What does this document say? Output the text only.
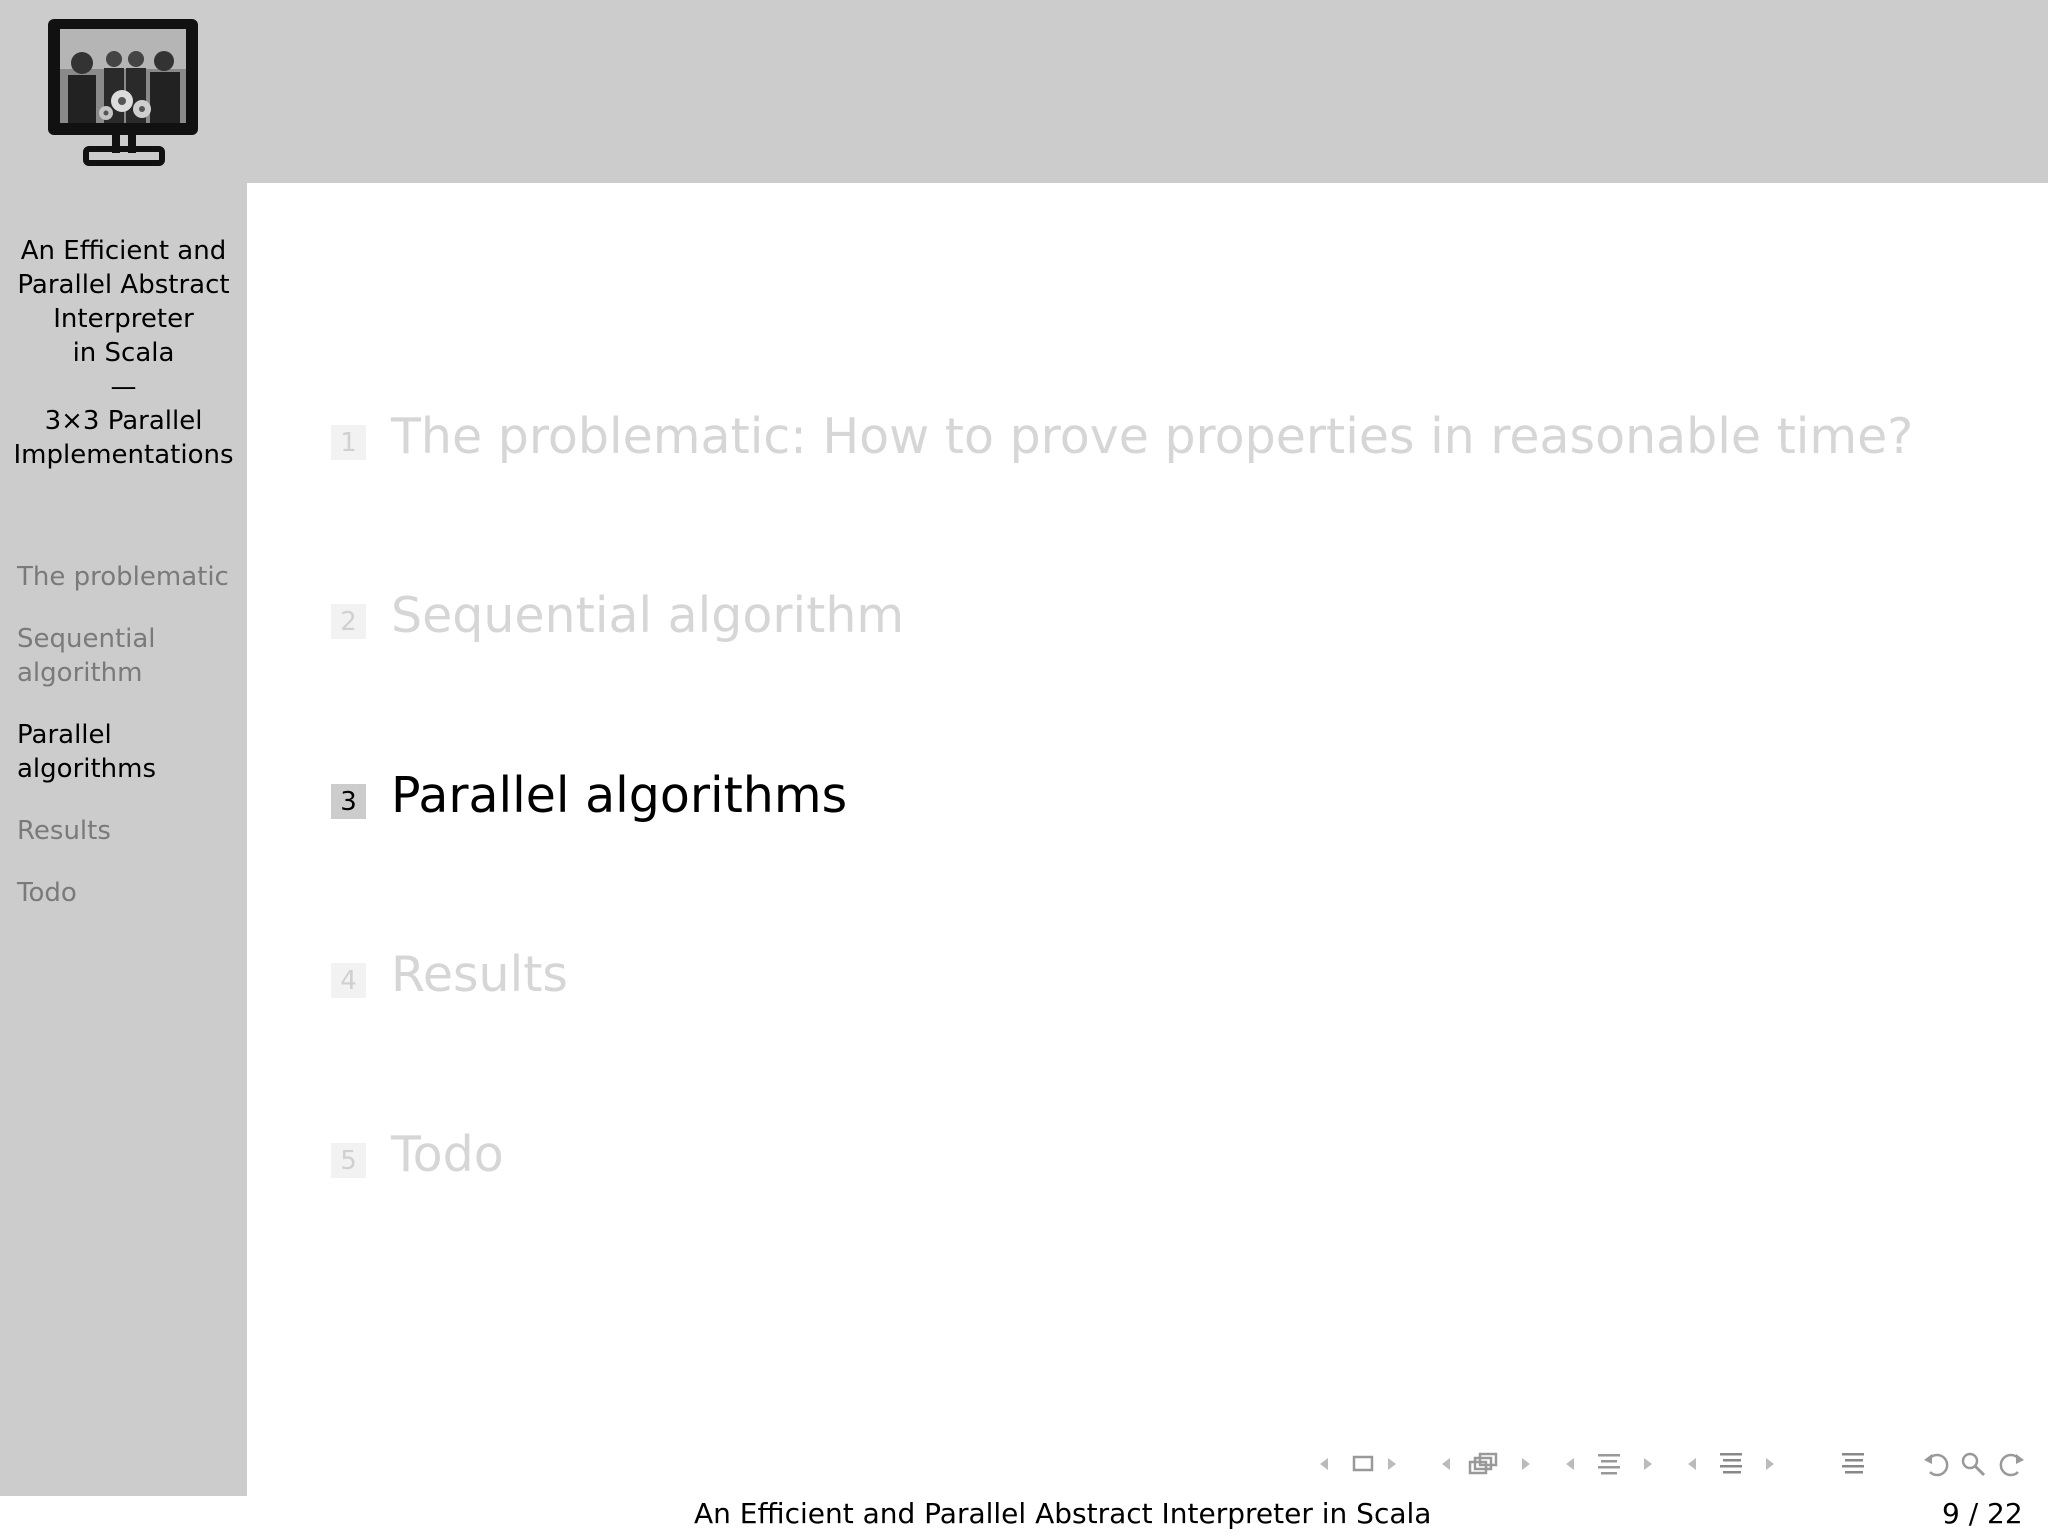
An Efficient and
Parallel Abstract
Interpreter
in Scala
—
3×3 Parallel
Implementations
The problematic
Sequential algorithm
Parallel algorithms
Results
Todo
1 The problematic: How to prove properties in reasonable time?
2 Sequential algorithm
3 Parallel algorithms
4 Results
5 Todo
An Efficient and Parallel Abstract Interpreter in Scala	9 / 22
